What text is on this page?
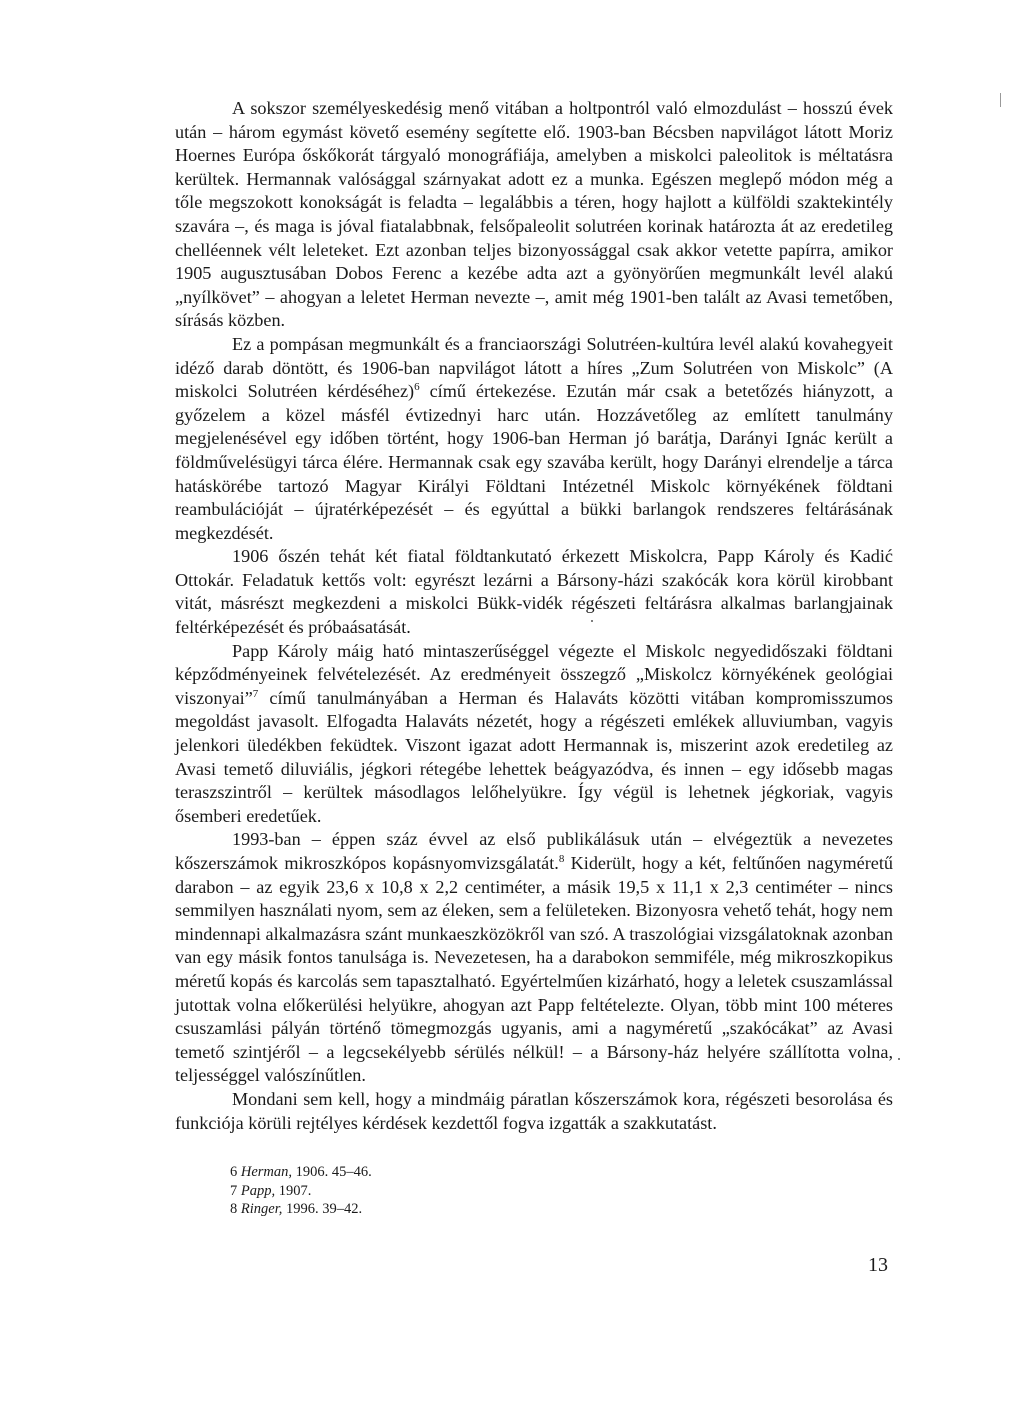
A sokszor személyeskedésig menő vitában a holtpontról való elmozdulást – hosszú évek után – három egymást követő esemény segítette elő. 1903-ban Bécsben napvilágot látott Moriz Hoernes Európa őskőkorát tárgyaló monográfiája, amelyben a miskolci paleolitok is méltatásra kerültek. Hermannak valósággal szárnyakat adott ez a munka. Egészen meglepő módon még a tőle megszokott konokságát is feladta – legalábbis a téren, hogy hajlott a külföldi szaktekintély szavára –, és maga is jóval fiatalabbnak, felsőpaleolit solutréen korinak határozta át az eredetileg chelléennek vélt leleteket. Ezt azonban teljes bizonyossággal csak akkor vetette papírra, amikor 1905 augusztusában Dobos Ferenc a kezébe adta azt a gyönyörűen megmunkált levél alakú „nyílkövet” – ahogyan a leletet Herman nevezte –, amit még 1901-ben talált az Avasi temetőben, sírásás közben.

Ez a pompásan megmunkált és a franciaországi Solutréen-kultúra levél alakú kovahegyeit idéző darab döntött, és 1906-ban napvilágot látott a híres „Zum Solutréen von Miskolc” (A miskolci Solutréen kérdéséhez)$^6$ című értekezése. Ezután már csak a betetőzés hiányzott, a győzelem a közel másfél évtizednyi harc után. Hozzávetőleg az említett tanulmány megjelenésével egy időben történt, hogy 1906-ban Herman jó barátja, Darányi Ignác került a földművelésügyi tárca élére. Hermannak csak egy szavába került, hogy Darányi elrendelje a tárca hatáskörébe tartozó Magyar Királyi Földtani Intézetnél Miskolc környékének földtani reambulációját – újratérképezését – és egyúttal a bükki barlangok rendszeres feltárásának megkezdését.

1906 őszén tehát két fiatal földtankutató érkezett Miskolcra, Papp Károly és Kadić Ottokár. Feladatuk kettős volt: egyrészt lezárni a Bársony-házi szakócák kora körül kirobbant vitát, másrészt megkezdeni a miskolci Bükk-vidék régészeti feltárásra alkalmas barlangjainak feltérképezését és próbaásatását.

Papp Károly máig ható mintaszerűséggel végezte el Miskolc negyedidőszaki földtani képződményeinek felvételezését. Az eredményeit összegző „Miskolcz környékének geológiai viszonyai”$^7$ című tanulmányában a Herman és Halaváts közötti vitában kompromisszumos megoldást javasolt. Elfogadta Halaváts nézetét, hogy a régészeti emlékek alluviumban, vagyis jelenkori üledékben feküdtek. Viszont igazat adott Hermannak is, miszerint azok eredetileg az Avasi temető diluviális, jégkori rétegébe lehettek beágyazódva, és innen – egy idősebb magas teraszszintről – kerültek másodlagos lelőhelyükre. Így végül is lehetnek jégkoriak, vagyis ősemberi eredetűek.

1993-ban – éppen száz évvel az első publikálásuk után – elvégeztük a nevezetes kőszerszámok mikroszkópos kopásnyomvizsgálatát.$^8$ Kiderült, hogy a két, feltűnően nagyméretű darabon – az egyik 23,6 x 10,8 x 2,2 centiméter, a másik 19,5 x 11,1 x 2,3 centiméter – nincs semmilyen használati nyom, sem az éleken, sem a felületeken. Bizonyosra vehető tehát, hogy nem mindennapi alkalmazásra szánt munkaeszközökről van szó. A traszológiai vizsgálatoknak azonban van egy másik fontos tanulsága is. Nevezetesen, ha a darabokon semmiféle, még mikroszkopikus méretű kopás és karcolás sem tapasztalható. Egyértelműen kizárható, hogy a leletek csuszamlással jutottak volna előkerülési helyükre, ahogyan azt Papp feltételezte. Olyan, több mint 100 méteres csuszamlási pályán történő tömegmozgás ugyanis, ami a nagyméretű „szakócákat” az Avasi temető szintjéről – a legcsekélyebb sérülés nélkül! – a Bársony-ház helyére szállította volna, teljességgel valószínűtlen.

Mondani sem kell, hogy a mindmáig páratlan kőszerszámok kora, régészeti besorolása és funkciója körüli rejtélyes kérdések kezdettől fogva izgatták a szakkutatást.

6 Herman, 1906. 45–46.
7 Papp, 1907.
8 Ringer, 1996. 39–42.
13
